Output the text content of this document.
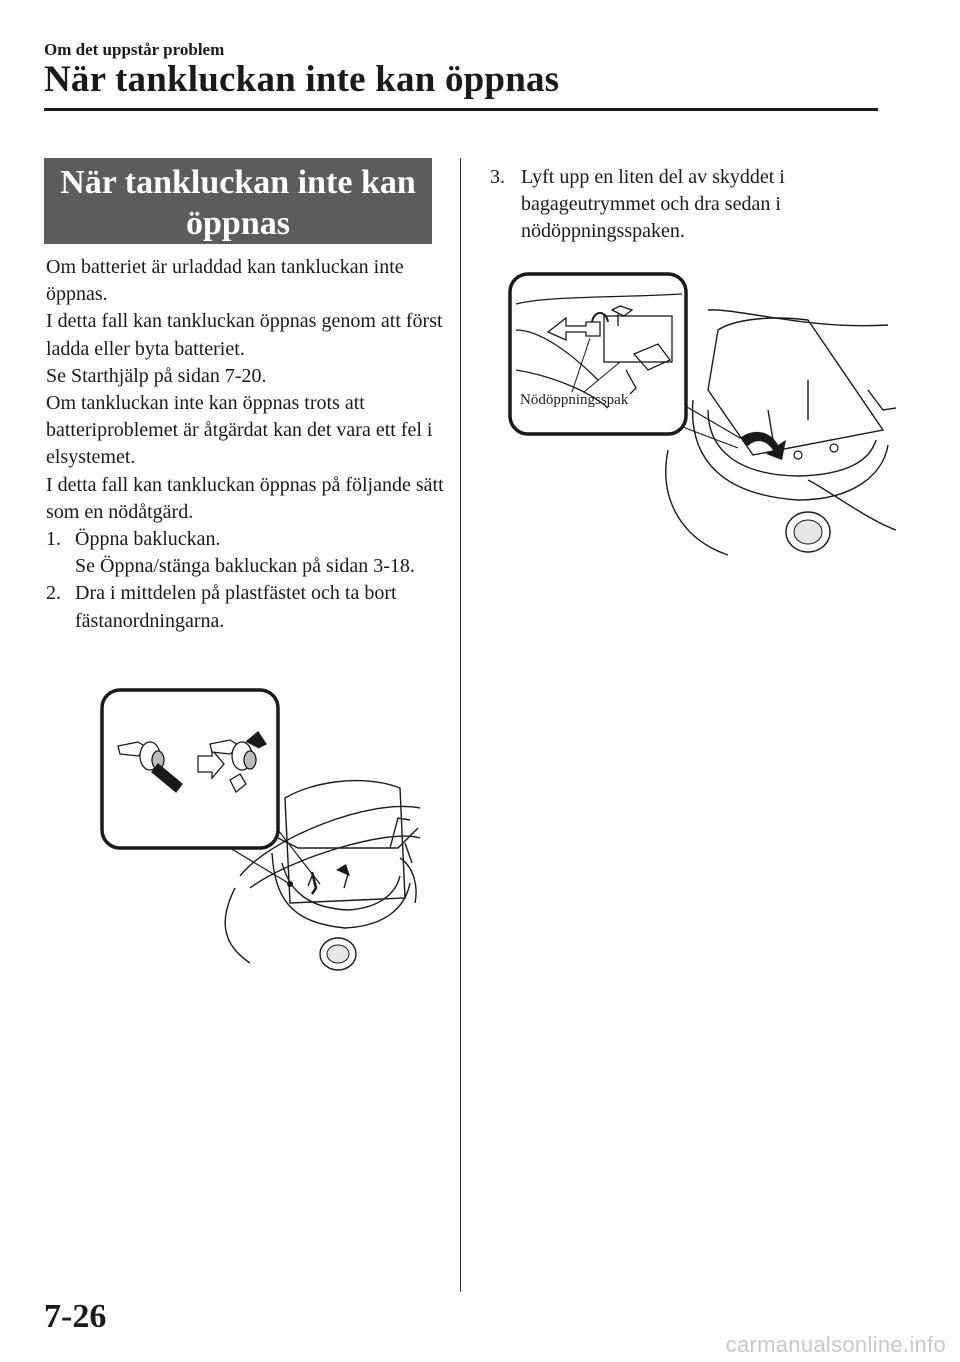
Om det uppstår problem
När tankluckan inte kan öppnas
När tankluckan inte kan
öppnas

Om batteriet är urladdad kan tankluckan inte öppnas.

I detta fall kan tankluckan öppnas genom att först ladda eller byta batteriet.

Se Starthjälp på sidan 7-20.

Om tankluckan inte kan öppnas trots att batteriproblemet är åtgärdat kan det vara ett fel i elsystemet.

I detta fall kan tankluckan öppnas på följande sätt som en nödåtgärd.

1. Öppna bakluckan.
Se Öppna/stänga bakluckan på sidan 3-18.
2. Dra i mittdelen på plastfästet och ta bort fästanordningarna.
3. Lyft upp en liten del av skyddet i bagageutrymmet och dra sedan i nödöppningsspaken.
Nödöppningsspak
7-26
carmanualsonline.info
